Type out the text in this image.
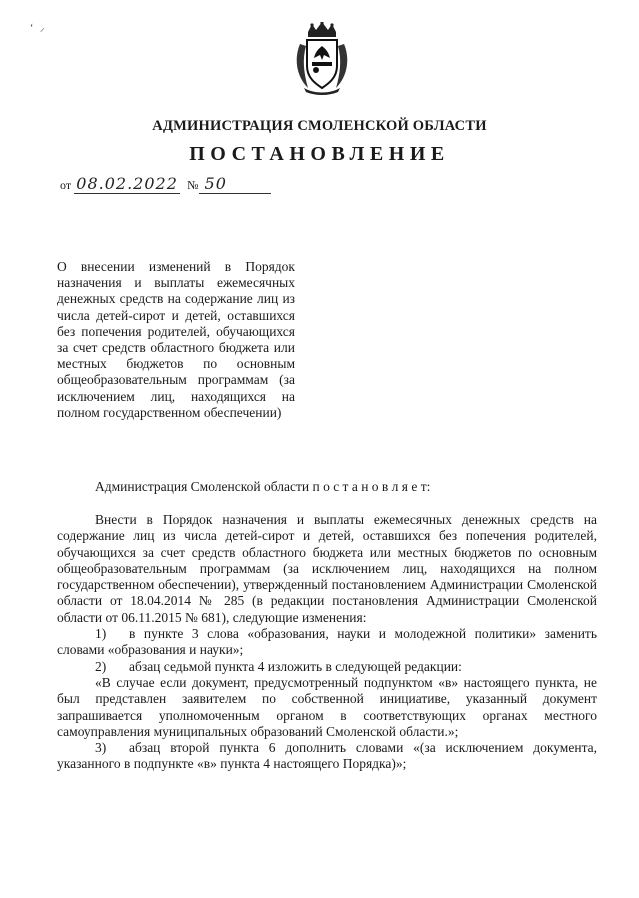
ʻ ⸝
АДМИНИСТРАЦИЯ СМОЛЕНСКОЙ ОБЛАСТИ
ПОСТАНОВЛЕНИЕ
от 08.02.2022 № 50
О внесении изменений в Порядок назначения и выплаты ежемесячных денежных средств на содержание лиц из числа детей-сирот и детей, оставшихся без попечения родителей, обучающихся за счет средств областного бюджета или местных бюджетов по основным общеобразовательным программам (за исключением лиц, находящихся на полном государственном обеспечении)
Администрация Смоленской области п о с т а н о в л я е т:

Внести в Порядок назначения и выплаты ежемесячных денежных средств на содержание лиц из числа детей-сирот и детей, оставшихся без попечения родителей, обучающихся за счет средств областного бюджета или местных бюджетов по основным общеобразовательным программам (за исключением лиц, находящихся на полном государственном обеспечении), утвержденный постановлением Администрации Смоленской области от 18.04.2014 № 285 (в редакции постановления Администрации Смоленской области от 06.11.2015 № 681), следующие изменения:

1) в пункте 3 слова «образования, науки и молодежной политики» заменить словами «образования и науки»;

2) абзац седьмой пункта 4 изложить в следующей редакции:

«В случае если документ, предусмотренный подпунктом «в» настоящего пункта, не был представлен заявителем по собственной инициативе, указанный документ запрашивается уполномоченным органом в соответствующих органах местного самоуправления муниципальных образований Смоленской области.»;

3) абзац второй пункта 6 дополнить словами «(за исключением документа, указанного в подпункте «в» пункта 4 настоящего Порядка)»;
